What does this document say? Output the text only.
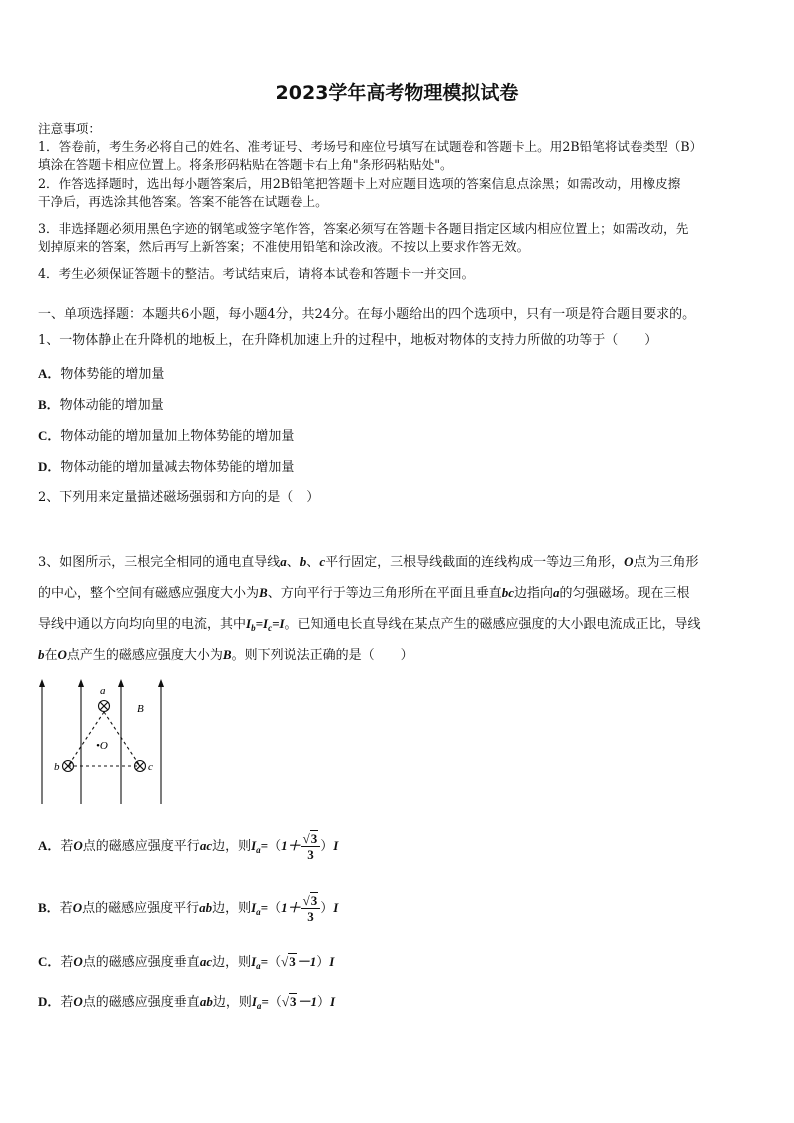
2023学年高考物理模拟试卷
注意事项：
1．答卷前，考生务必将自己的姓名、准考证号、考场号和座位号填写在试题卷和答题卡上。用2B铅笔将试卷类型（B）
填涂在答题卡相应位置上。将条形码粘贴在答题卡右上角"条形码粘贴处"。
2．作答选择题时，选出每小题答案后，用2B铅笔把答题卡上对应题目选项的答案信息点涂黑；如需改动，用橡皮擦
干净后，再选涂其他答案。答案不能答在试题卷上。
3．非选择题必须用黑色字迹的钢笔或签字笔作答，答案必须写在答题卡各题目指定区域内相应位置上；如需改动，先
划掉原来的答案，然后再写上新答案；不准使用铅笔和涂改液。不按以上要求作答无效。
4．考生必须保证答题卡的整洁。考试结束后，请将本试卷和答题卡一并交回。
一、单项选择题：本题共6小题，每小题4分，共24分。在每小题给出的四个选项中，只有一项是符合题目要求的。
1、一物体静止在升降机的地板上，在升降机加速上升的过程中，地板对物体的支持力所做的功等于（　　）
A．物体势能的增加量
B．物体动能的增加量
C．物体动能的增加量加上物体势能的增加量
D．物体动能的增加量减去物体势能的增加量
2、下列用来定量描述磁场强弱和方向的是（　）
3、如图所示，三根完全相同的通电直导线a、b、c平行固定，三根导线截面的连线构成一等边三角形，O点为三角形
的中心，整个空间有磁感应强度大小为B、方向平行于等边三角形所在平面且垂直bc边指向a的匀强磁场。现在三根
导线中通以方向均向里的电流，其中$I_b=I_c=I$。已知通电长直导线在某点产生的磁感应强度的大小跟电流成正比，导线
b在O点产生的磁感应强度大小为B。则下列说法正确的是（　　）
a
b	c
•O
B
A．若O点的磁感应强度平行ac边，则$I_a=(1+ \frac{√3}{3} )I$
B．若O点的磁感应强度平行ab边，则$I_a=(1+ \frac{√3}{3} )I$
C．若O点的磁感应强度垂直ac边，则$I_a=(√3-1)I$
D．若O点的磁感应强度垂直ab边，则$I_a=(√3-1)I$
